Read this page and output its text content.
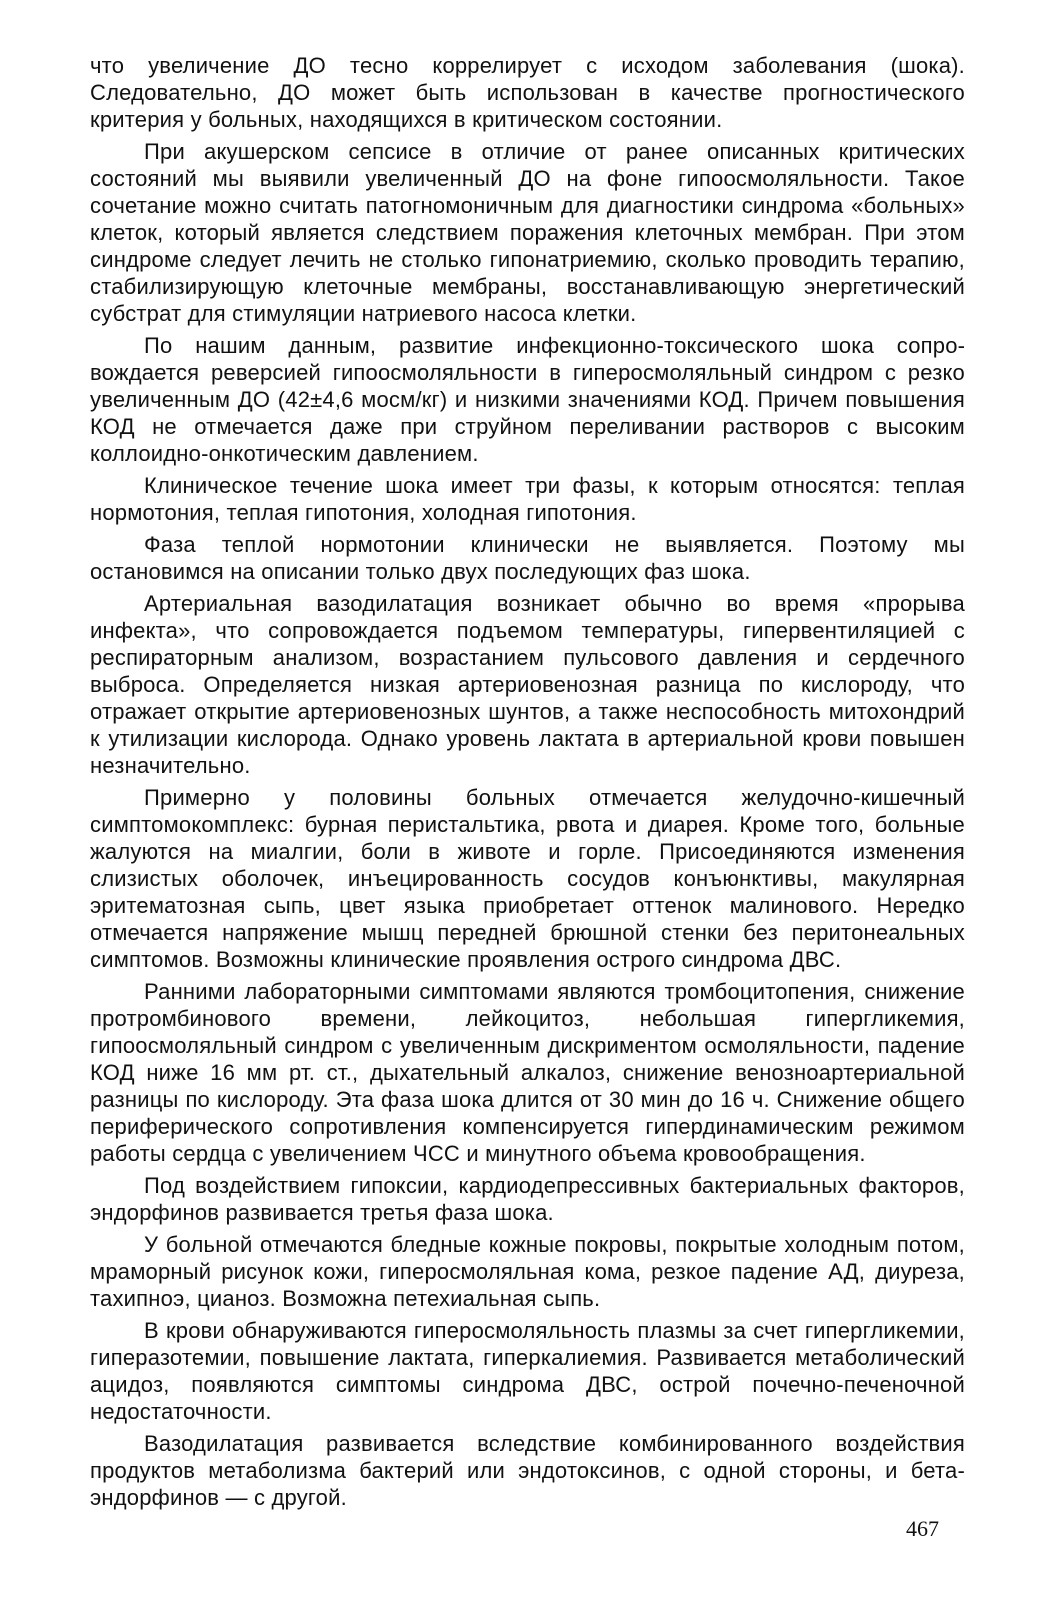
что увеличение ДО тесно коррелирует с исходом заболевания (шока). Следовательно, ДО может быть использован в качестве прогностического критерия у больных, находящихся в критическом состоянии.

При акушерском сепсисе в отличие от ранее описанных критических состояний мы выявили увеличенный ДО на фоне гипоосмоляльности. Такое сочетание можно считать патогномоничным для диагностики синдрома «больных» клеток, который является следствием поражения клеточных мембран. При этом синдроме следует лечить не столько гипонатриемию, сколько проводить терапию, стабилизирующую клеточные мембраны, восстанавливающую энергетический субстрат для стимуляции натриевого насоса клетки.

По нашим данным, развитие инфекционно-токсического шока сопровождается реверсией гипоосмоляльности в гиперосмоляльный синдром с резко увеличенным ДО (42±4,6 мосм/кг) и низкими значениями КОД. Причем повышения КОД не отмечается даже при струйном переливании растворов с высоким коллоидно-онкотическим давлением.

Клиническое течение шока имеет три фазы, к которым относятся: теплая нормотония, теплая гипотония, холодная гипотония.

Фаза теплой нормотонии клинически не выявляется. Поэтому мы остановимся на описании только двух последующих фаз шока.

Артериальная вазодилатация возникает обычно во время «прорыва инфекта», что сопровождается подъемом температуры, гипервентиляцией с респираторным анализом, возрастанием пульсового давления и сердечного выброса. Определяется низкая артериовенозная разница по кислороду, что отражает открытие артериовенозных шунтов, а также неспособность митохондрий к утилизации кислорода. Однако уровень лактата в артериальной крови повышен незначительно.

Примерно у половины больных отмечается желудочно-кишечный симптомокомплекс: бурная перистальтика, рвота и диарея. Кроме того, больные жалуются на миалгии, боли в животе и горле. Присоединяются изменения слизистых оболочек, инъецированность сосудов конъюнктивы, макулярная эритематозная сыпь, цвет языка приобретает оттенок малинового. Нередко отмечается напряжение мышц передней брюшной стенки без перитонеальных симптомов. Возможны клинические проявления острого синдрома ДВС.

Ранними лабораторными симптомами являются тромбоцитопения, снижение протромбинового времени, лейкоцитоз, небольшая гипергликeмия, гипоосмоляльный синдром с увеличенным дискриментом осмоляльности, падение КОД ниже 16 мм рт. ст., дыхательный алкалоз, снижение венозноартериальной разницы по кислороду. Эта фаза шока длится от 30 мин до 16 ч. Снижение общего периферического сопротивления компенсируется гипердинамическим режимом работы сердца с увеличением ЧСС и минутного объема кровообращения.

Под воздействием гипоксии, кардиодепрессивных бактериальных факторов, эндорфинов развивается третья фаза шока.

У больной отмечаются бледные кожные покровы, покрытые холодным потом, мраморный рисунок кожи, гиперосмоляльная кома, резкое падение АД, диуреза, тахипноэ, цианоз. Возможна петехиальная сыпь.

В крови обнаруживаются гиперосмоляльность плазмы за счет гипергликемии, гиперазотемии, повышение лактата, гиперкалиемия. Развивается метаболический ацидоз, появляются симптомы синдрома ДВС, острой почечно-печеночной недостаточности.

Вазодилатация развивается вследствие комбинированного воздействия продуктов метаболизма бактерий или эндотоксинов, с одной стороны, и бета-эндорфинов — с другой.

467
